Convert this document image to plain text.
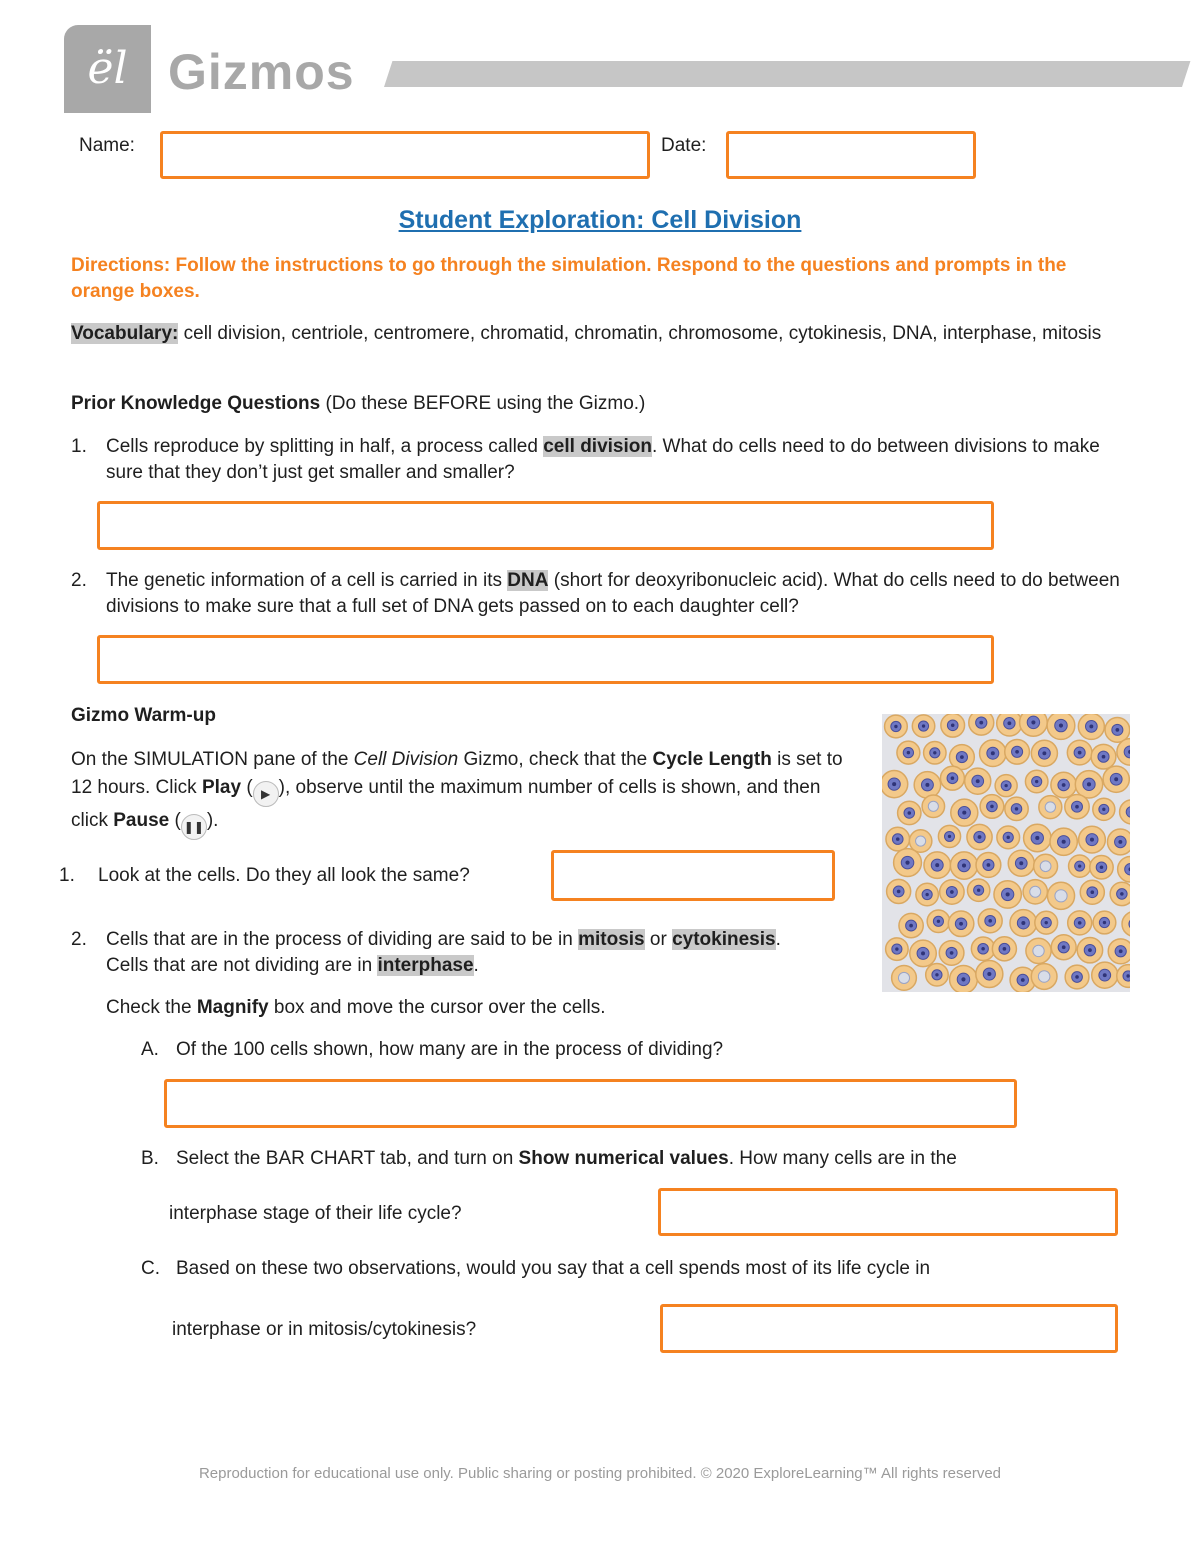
ël Gizmos
Name:	Date:
Student Exploration: Cell Division
Directions: Follow the instructions to go through the simulation. Respond to the questions and prompts in the orange boxes.
Vocabulary: cell division, centriole, centromere, chromatid, chromatin, chromosome, cytokinesis, DNA, interphase, mitosis
Prior Knowledge Questions (Do these BEFORE using the Gizmo.)
1. Cells reproduce by splitting in half, a process called cell division. What do cells need to do between divisions to make sure that they don’t just get smaller and smaller?
2. The genetic information of a cell is carried in its DNA (short for deoxyribonucleic acid). What do cells need to do between divisions to make sure that a full set of DNA gets passed on to each daughter cell?
Gizmo Warm-up
On the SIMULATION pane of the Cell Division Gizmo, check that the Cycle Length is set to 12 hours. Click Play ( ▶ ), observe until the maximum number of cells is shown, and then click Pause ( ❚❚ ).
1. Look at the cells. Do they all look the same?
2. Cells that are in the process of dividing are said to be in mitosis or cytokinesis. Cells that are not dividing are in interphase.
Check the Magnify box and move the cursor over the cells.
A. Of the 100 cells shown, how many are in the process of dividing?
B. Select the BAR CHART tab, and turn on Show numerical values. How many cells are in the
interphase stage of their life cycle?
C. Based on these two observations, would you say that a cell spends most of its life cycle in
interphase or in mitosis/cytokinesis?
Reproduction for educational use only. Public sharing or posting prohibited. © 2020 ExploreLearning™ All rights reserved
